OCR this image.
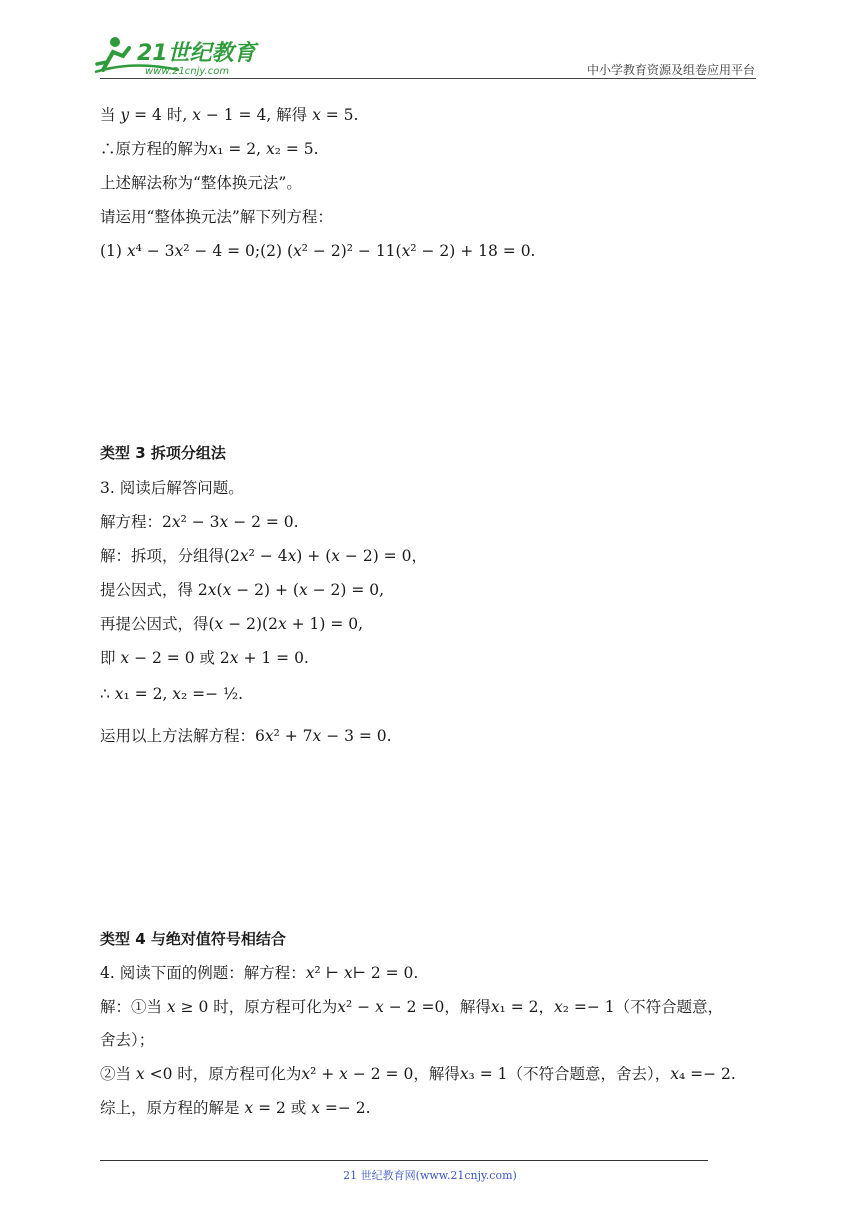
21世纪教育
www.21cnjy.com	中小学教育资源及组卷应用平台
当 𝑦 = 4 时, 𝑥 − 1 = 4, 解得 𝑥 = 5.
∴原方程的解为𝑥₁ = 2, 𝑥₂ = 5.
上述解法称为“整体换元法”。
请运用“整体换元法”解下列方程：
(1) 𝑥⁴ − 3𝑥² − 4 = 0;(2) (𝑥² − 2)² − 11(𝑥² − 2) + 18 = 0.
类型 3 拆项分组法
3. 阅读后解答问题。
解方程：2𝑥² − 3𝑥 − 2 = 0.
解：拆项，分组得(2𝑥² − 4𝑥) + (𝑥 − 2) = 0，
提公因式，得 2𝑥(𝑥 − 2) + (𝑥 − 2) = 0,
再提公因式，得(𝑥 − 2)(2𝑥 + 1) = 0,
即 𝑥 − 2 = 0 或 2𝑥 + 1 = 0.
∴ 𝑥₁ = 2, 𝑥₂ =− ½.
运用以上方法解方程：6𝑥² + 7𝑥 − 3 = 0.
类型 4 与绝对值符号相结合
4. 阅读下面的例题：解方程：𝑥² ⊢ 𝑥⊢ 2 = 0.
解：①当 𝑥 ≥ 0 时，原方程可化为𝑥² − 𝑥 − 2 =0，解得𝑥₁ = 2，𝑥₂ =− 1（不符合题意，
舍去）；
②当 𝑥 <0 时，原方程可化为𝑥² + 𝑥 − 2 = 0，解得𝑥₃ = 1（不符合题意，舍去），𝑥₄ =− 2.
综上，原方程的解是 𝑥 = 2 或 𝑥 =− 2.
21 世纪教育网(www.21cnjy.com)
